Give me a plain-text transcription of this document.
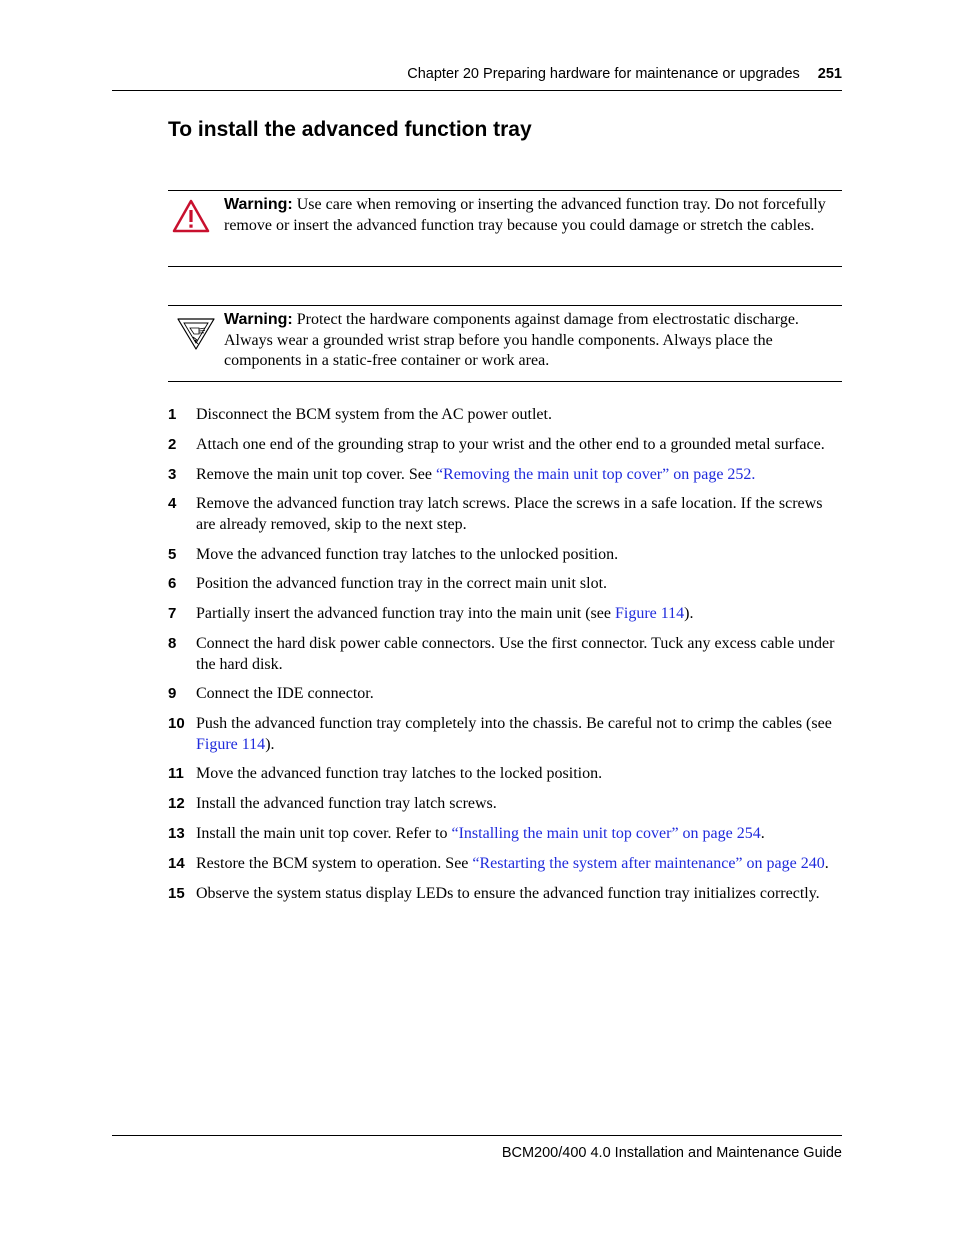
Chapter 20 Preparing hardware for maintenance or upgrades 251
To install the advanced function tray
Warning: Use care when removing or inserting the advanced function tray. Do not forcefully remove or insert the advanced function tray because you could damage or stretch the cables.
Warning: Protect the hardware components against damage from electrostatic discharge. Always wear a grounded wrist strap before you handle components. Always place the components in a static-free container or work area.
1 Disconnect the BCM system from the AC power outlet.
2 Attach one end of the grounding strap to your wrist and the other end to a grounded metal surface.
3 Remove the main unit top cover. See “Removing the main unit top cover” on page 252.
4 Remove the advanced function tray latch screws. Place the screws in a safe location. If the screws are already removed, skip to the next step.
5 Move the advanced function tray latches to the unlocked position.
6 Position the advanced function tray in the correct main unit slot.
7 Partially insert the advanced function tray into the main unit (see Figure 114).
8 Connect the hard disk power cable connectors. Use the first connector. Tuck any excess cable under the hard disk.
9 Connect the IDE connector.
10 Push the advanced function tray completely into the chassis. Be careful not to crimp the cables (see Figure 114).
11 Move the advanced function tray latches to the locked position.
12 Install the advanced function tray latch screws.
13 Install the main unit top cover. Refer to “Installing the main unit top cover” on page 254.
14 Restore the BCM system to operation. See “Restarting the system after maintenance” on page 240.
15 Observe the system status display LEDs to ensure the advanced function tray initializes correctly.
BCM200/400 4.0 Installation and Maintenance Guide
